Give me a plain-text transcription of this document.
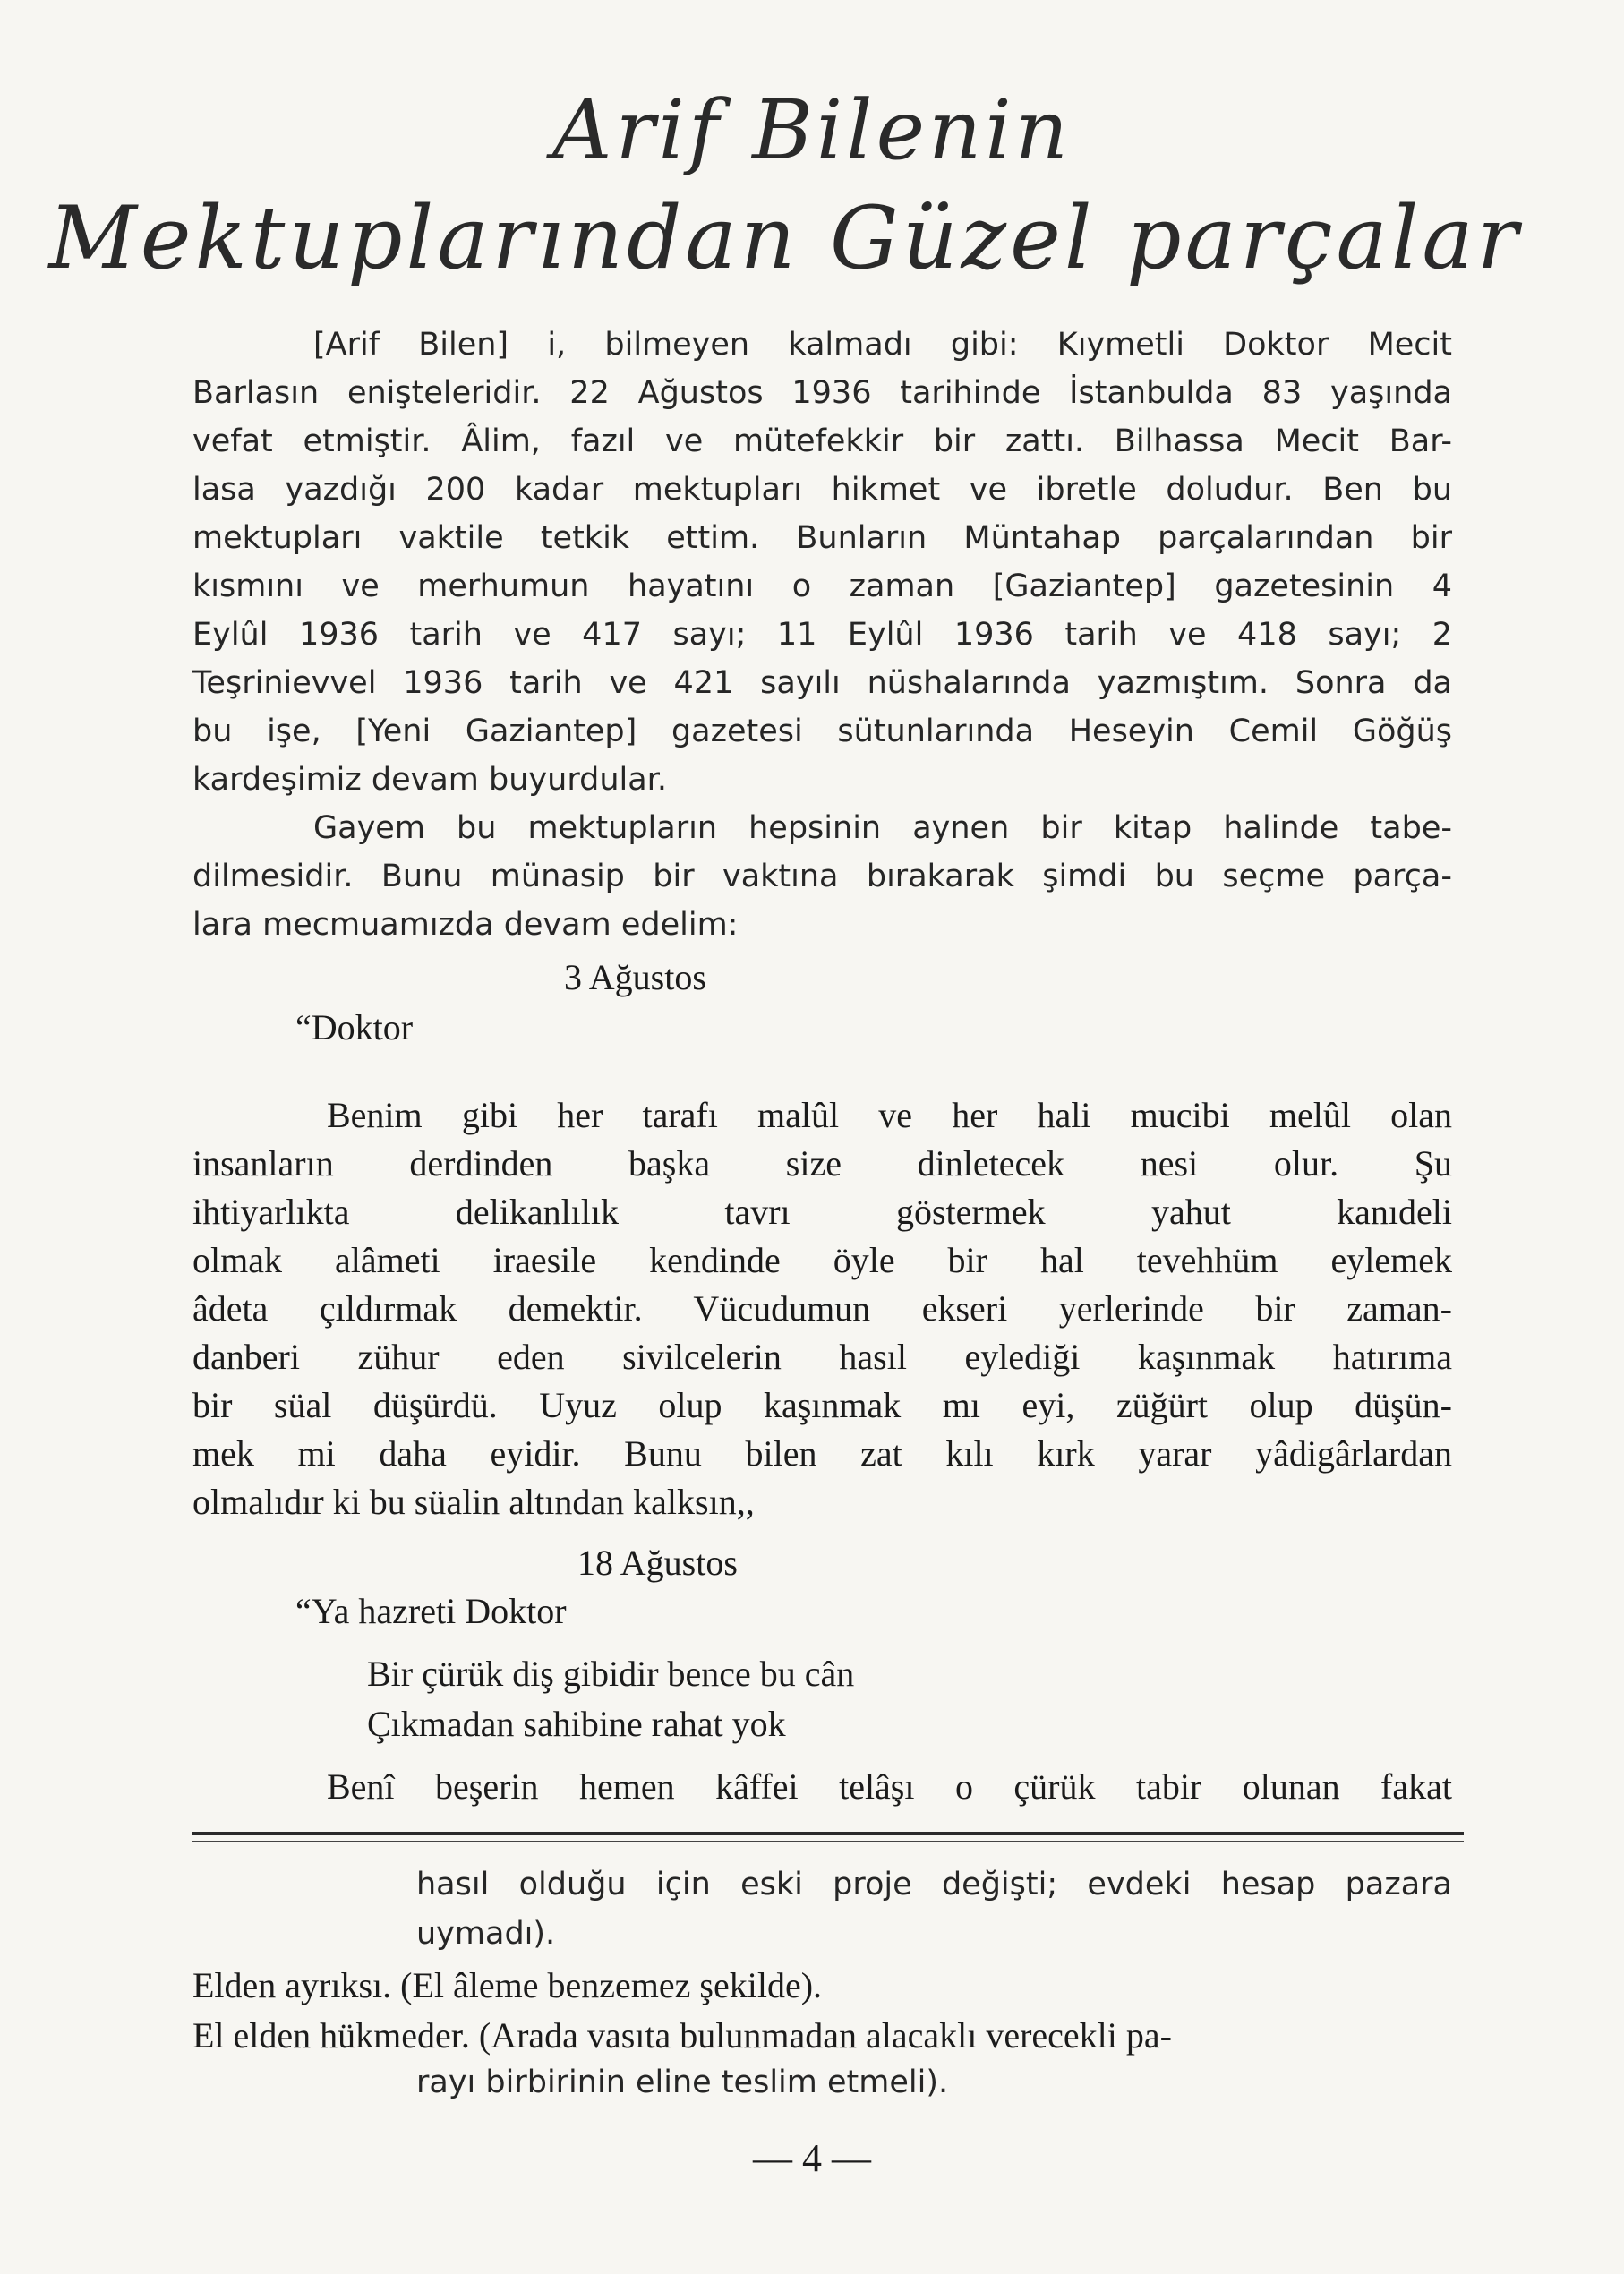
Arif Bilenin
Mektuplarından Güzel parçalar

[Arif Bilen] i, bilmeyen kalmadı gibi: Kıymetli Doktor Mecit

Barlasın enişteleridir. 22 Ağustos 1936 tarihinde İstanbulda 83 yaşında

vefat etmiştir. Âlim, fazıl ve mütefekkir bir zattı. Bilhassa Mecit Bar-

lasa yazdığı 200 kadar mektupları hikmet ve ibretle doludur. Ben bu

mektupları vaktile tetkik ettim. Bunların Müntahap parçalarından bir

kısmını ve merhumun hayatını o zaman [Gaziantep] gazetesinin 4

Eylûl 1936 tarih ve 417 sayı; 11 Eylûl 1936 tarih ve 418 sayı; 2

Teşrinievvel 1936 tarih ve 421 sayılı nüshalarında yazmıştım. Sonra da

bu işe, [Yeni Gaziantep] gazetesi sütunlarında Heseyin Cemil Göğüş

kardeşimiz devam buyurdular.

Gayem bu mektupların hepsinin aynen bir kitap halinde tabe-

dilmesidir. Bunu münasip bir vaktına bırakarak şimdi bu seçme parça-

lara mecmuamızda devam edelim:

3 Ağustos

“Doktor

Benim gibi her tarafı malûl ve her hali mucibi melûl olan

insanların derdinden başka size dinletecek nesi olur. Şu

ihtiyarlıkta delikanlılık tavrı göstermek yahut kanıdeli

olmak alâmeti iraesile kendinde öyle bir hal tevehhüm eylemek

âdeta çıldırmak demektir. Vücudumun ekseri yerlerinde bir zaman-

danberi zühur eden sivilcelerin hasıl eylediği kaşınmak hatırıma

bir süal düşürdü. Uyuz olup kaşınmak mı eyi, züğürt olup düşün-

mek mi daha eyidir. Bunu bilen zat kılı kırk yarar yâdigârlardan

olmalıdır ki bu süalin altından kalksın,,

18 Ağustos

“Ya hazreti Doktor

Bir çürük diş gibidir bence bu cân

Çıkmadan sahibine rahat yok

Benî beşerin hemen kâffei telâşı o çürük tabir olunan fakat

hasıl olduğu için eski proje değişti; evdeki hesap pazara

uymadı).

Elden ayrıksı. (El âleme benzemez şekilde).

El elden hükmeder. (Arada vasıta bulunmadan alacaklı verecekli pa-

rayı birbirinin eline teslim etmeli).

— 4 —
